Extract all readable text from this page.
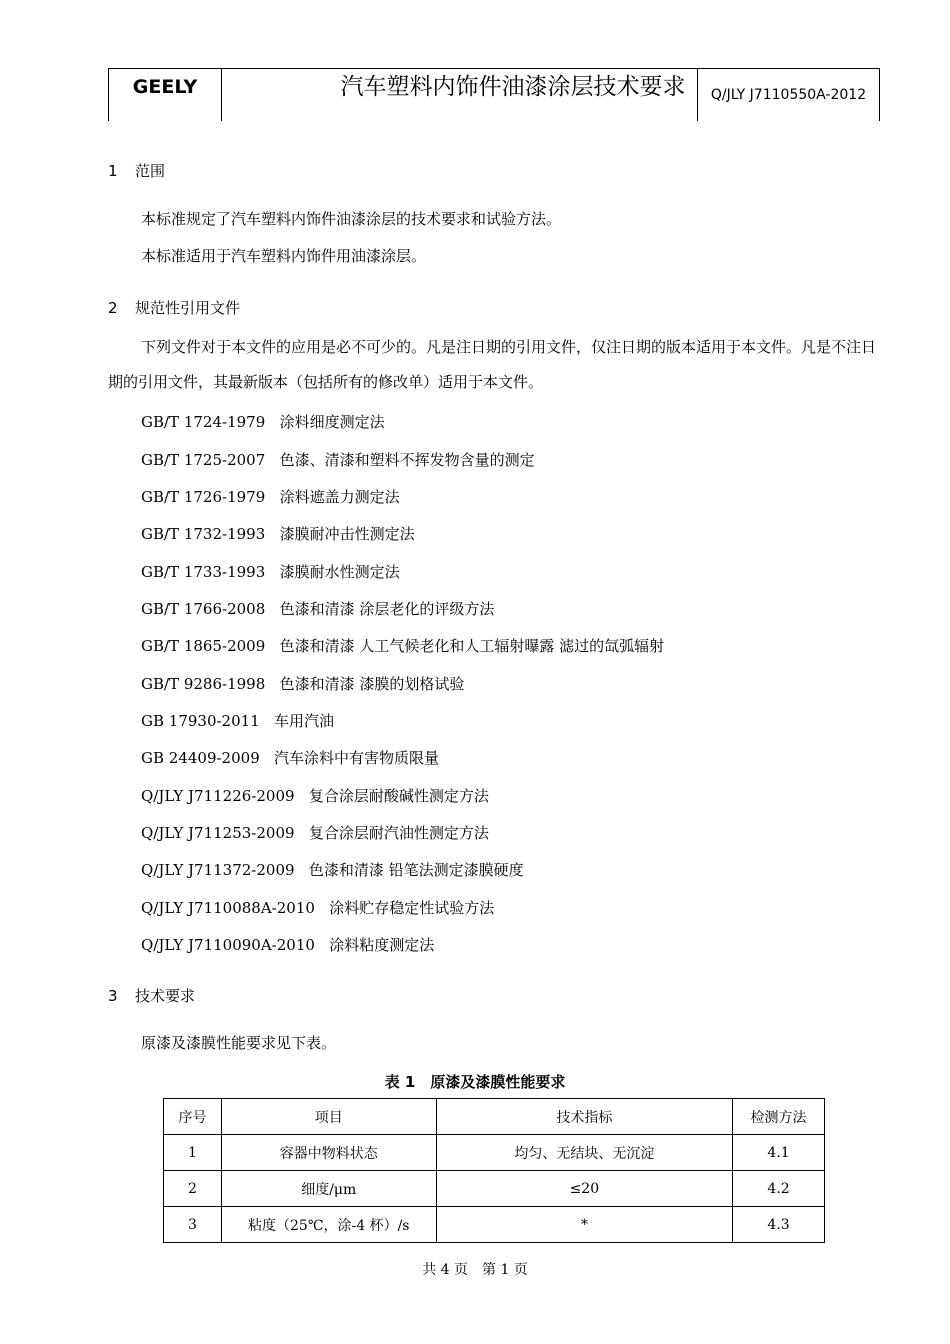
GEELY	汽车塑料内饰件油漆涂层技术要求	Q/JLY J7110550A-2012
1 范围
本标准规定了汽车塑料内饰件油漆涂层的技术要求和试验方法。
本标准适用于汽车塑料内饰件用油漆涂层。
2 规范性引用文件
下列文件对于本文件的应用是必不可少的。凡是注日期的引用文件，仅注日期的版本适用于本文件。凡是不注日期的引用文件，其最新版本（包括所有的修改单）适用于本文件。
GB/T 1724-1979 涂料细度测定法
GB/T 1725-2007 色漆、清漆和塑料不挥发物含量的测定
GB/T 1726-1979 涂料遮盖力测定法
GB/T 1732-1993 漆膜耐冲击性测定法
GB/T 1733-1993 漆膜耐水性测定法
GB/T 1766-2008 色漆和清漆 涂层老化的评级方法
GB/T 1865-2009 色漆和清漆 人工气候老化和人工辐射曝露 滤过的氙弧辐射
GB/T 9286-1998 色漆和清漆 漆膜的划格试验
GB 17930-2011 车用汽油
GB 24409-2009 汽车涂料中有害物质限量
Q/JLY J711226-2009 复合涂层耐酸碱性测定方法
Q/JLY J711253-2009 复合涂层耐汽油性测定方法
Q/JLY J711372-2009 色漆和清漆 铅笔法测定漆膜硬度
Q/JLY J7110088A-2010 涂料贮存稳定性试验方法
Q/JLY J7110090A-2010 涂料粘度测定法
3 技术要求
原漆及漆膜性能要求见下表。
表 1　原漆及漆膜性能要求
序号	项目	技术指标	检测方法
1	容器中物料状态	均匀、无结块、无沉淀	4.1
2	细度/μm	≤20	4.2
3	粘度（25℃，涂-4 杯）/s	*	4.3
共 4 页　第 1 页
